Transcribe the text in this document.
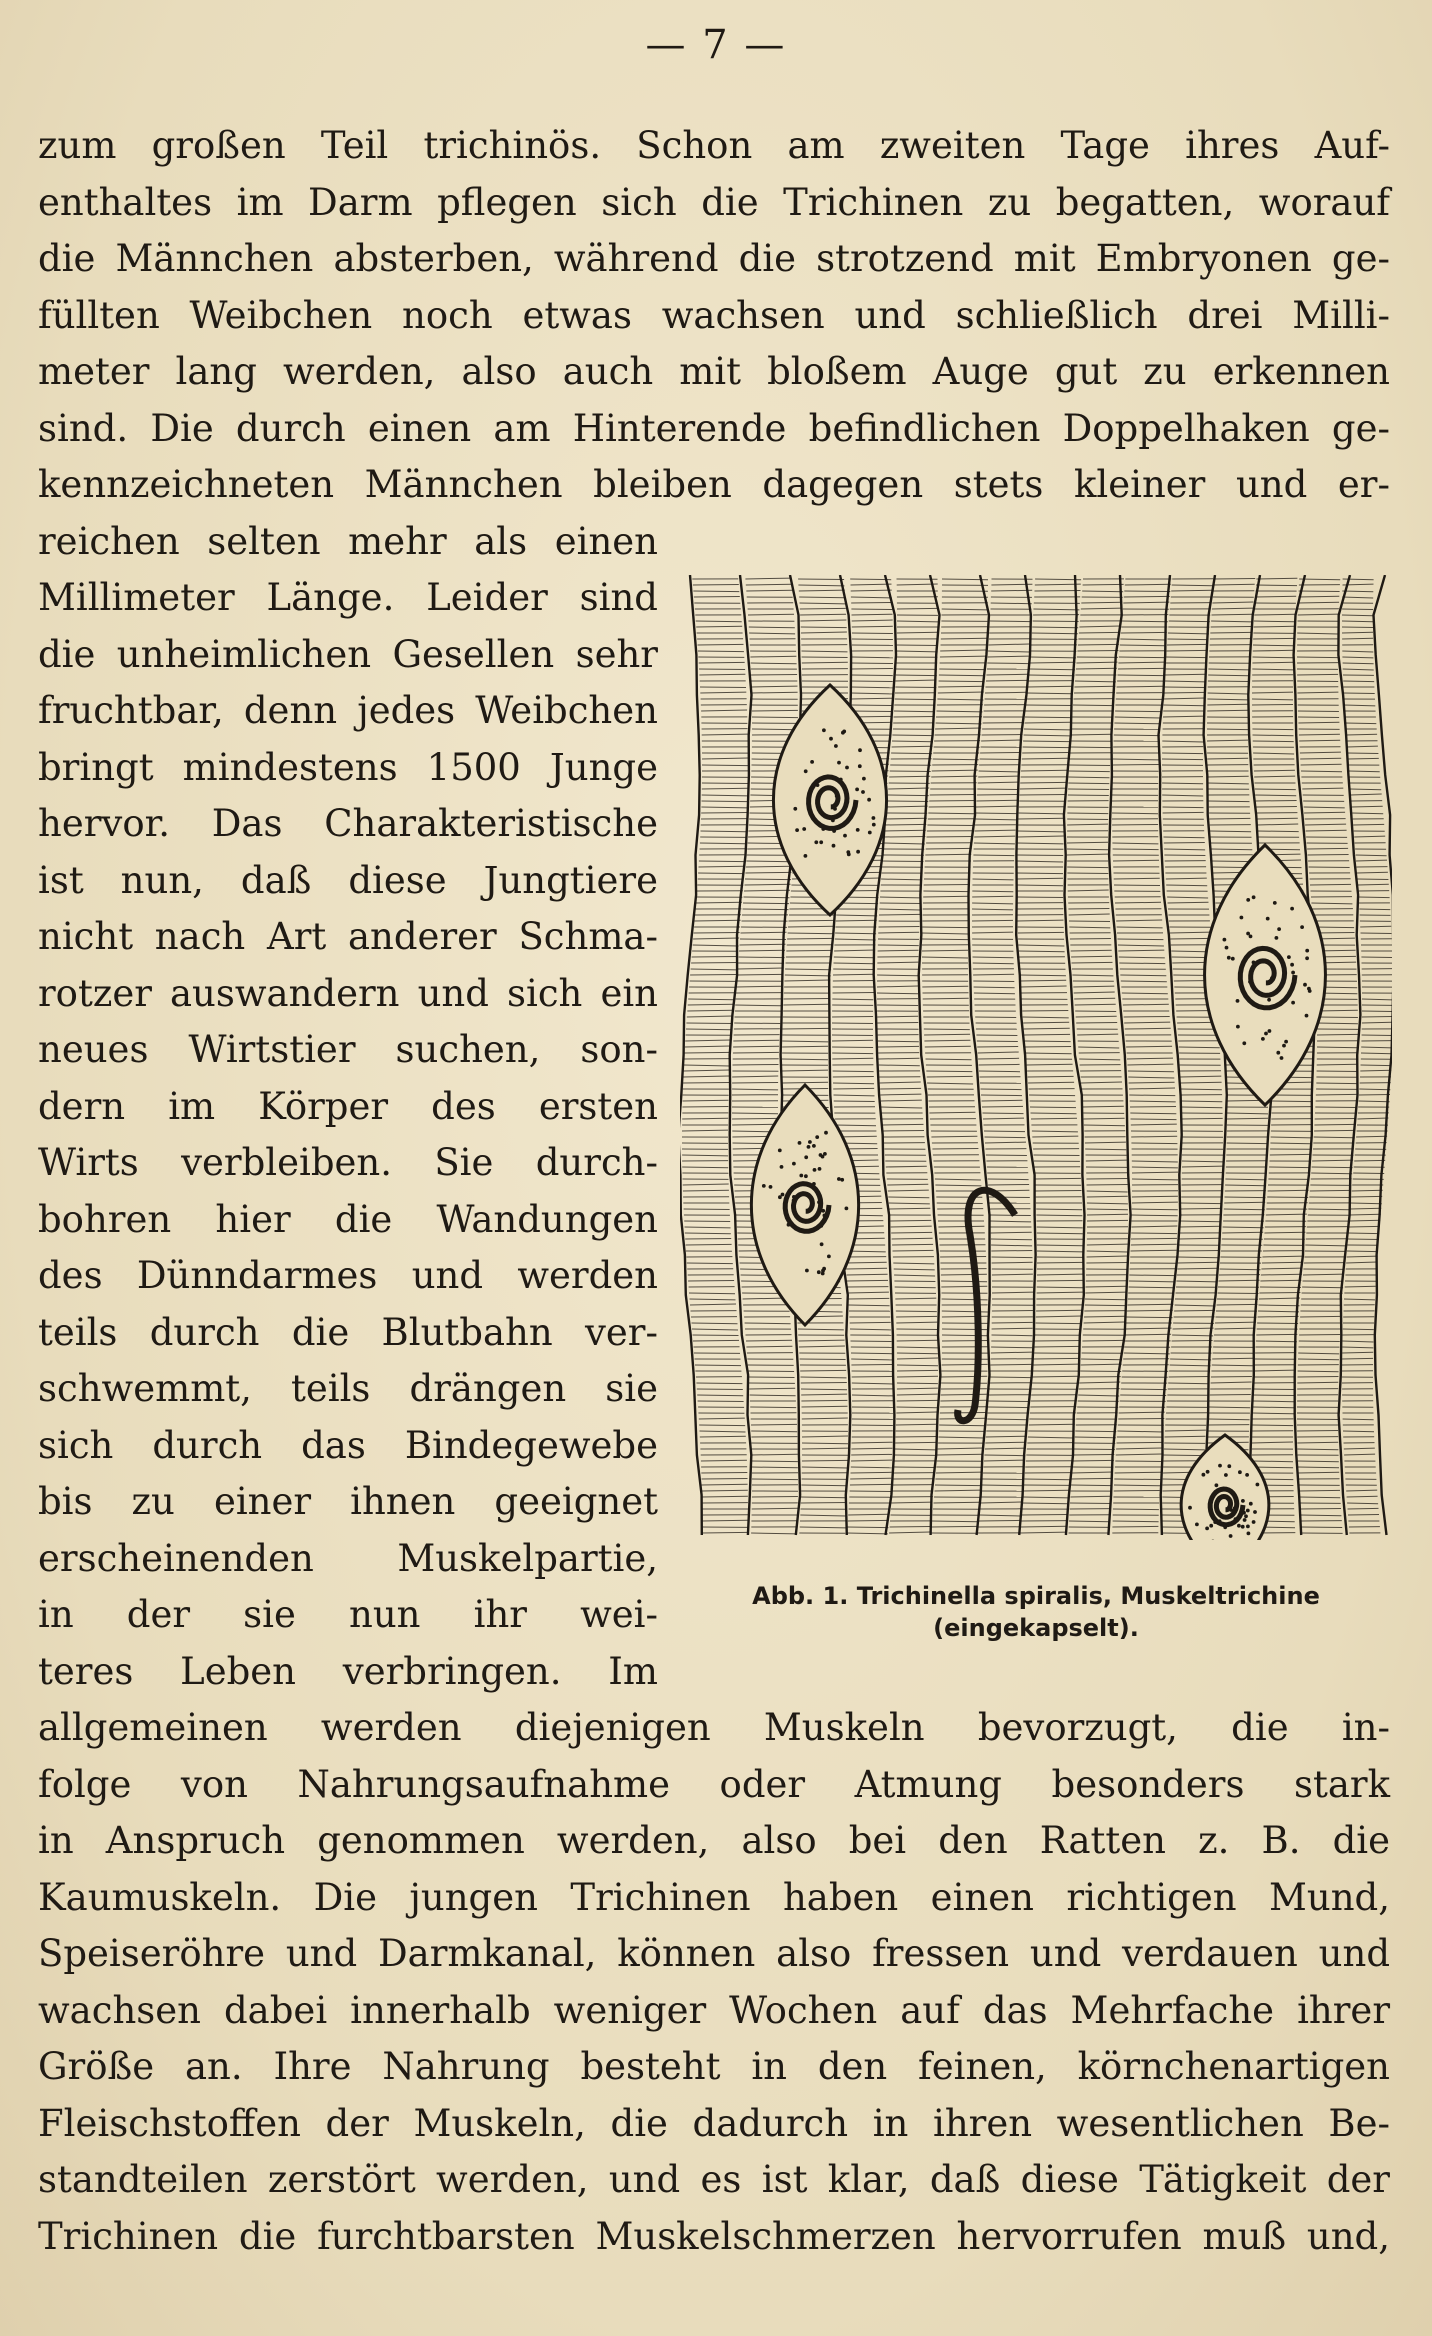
— 7 —
zum großen Teil trichinös. Schon am zweiten Tage ihres Auf-
enthaltes im Darm pflegen sich die Trichinen zu begatten, worauf
die Männchen absterben, während die strotzend mit Embryonen ge-
füllten Weibchen noch etwas wachsen und schließlich drei Milli-
meter lang werden, also auch mit bloßem Auge gut zu erkennen
sind. Die durch einen am Hinterende befindlichen Doppelhaken ge-
kennzeichneten Männchen bleiben dagegen stets kleiner und er-
reichen selten mehr als einen
Millimeter Länge. Leider sind
die unheimlichen Gesellen sehr
fruchtbar, denn jedes Weibchen
bringt mindestens 1500 Junge
hervor. Das Charakteristische
ist nun, daß diese Jungtiere
nicht nach Art anderer Schma-
rotzer auswandern und sich ein
neues Wirtstier suchen, son-
dern im Körper des ersten
Wirts verbleiben. Sie durch-
bohren hier die Wandungen
des Dünndarmes und werden
teils durch die Blutbahn ver-
schwemmt, teils drängen sie
sich durch das Bindegewebe
bis zu einer ihnen geeignet
erscheinenden Muskelpartie,
in der sie nun ihr wei-
teres Leben verbringen. Im
allgemeinen werden diejenigen Muskeln bevorzugt, die in-
folge von Nahrungsaufnahme oder Atmung besonders stark
in Anspruch genommen werden, also bei den Ratten z. B. die
Kaumuskeln. Die jungen Trichinen haben einen richtigen Mund,
Speiseröhre und Darmkanal, können also fressen und verdauen und
wachsen dabei innerhalb weniger Wochen auf das Mehrfache ihrer
Größe an. Ihre Nahrung besteht in den feinen, körnchenartigen
Fleischstoffen der Muskeln, die dadurch in ihren wesentlichen Be-
standteilen zerstört werden, und es ist klar, daß diese Tätigkeit der
Trichinen die furchtbarsten Muskelschmerzen hervorrufen muß und,
Abb. 1. Trichinella spiralis, Muskeltrichine
(eingekapselt).
